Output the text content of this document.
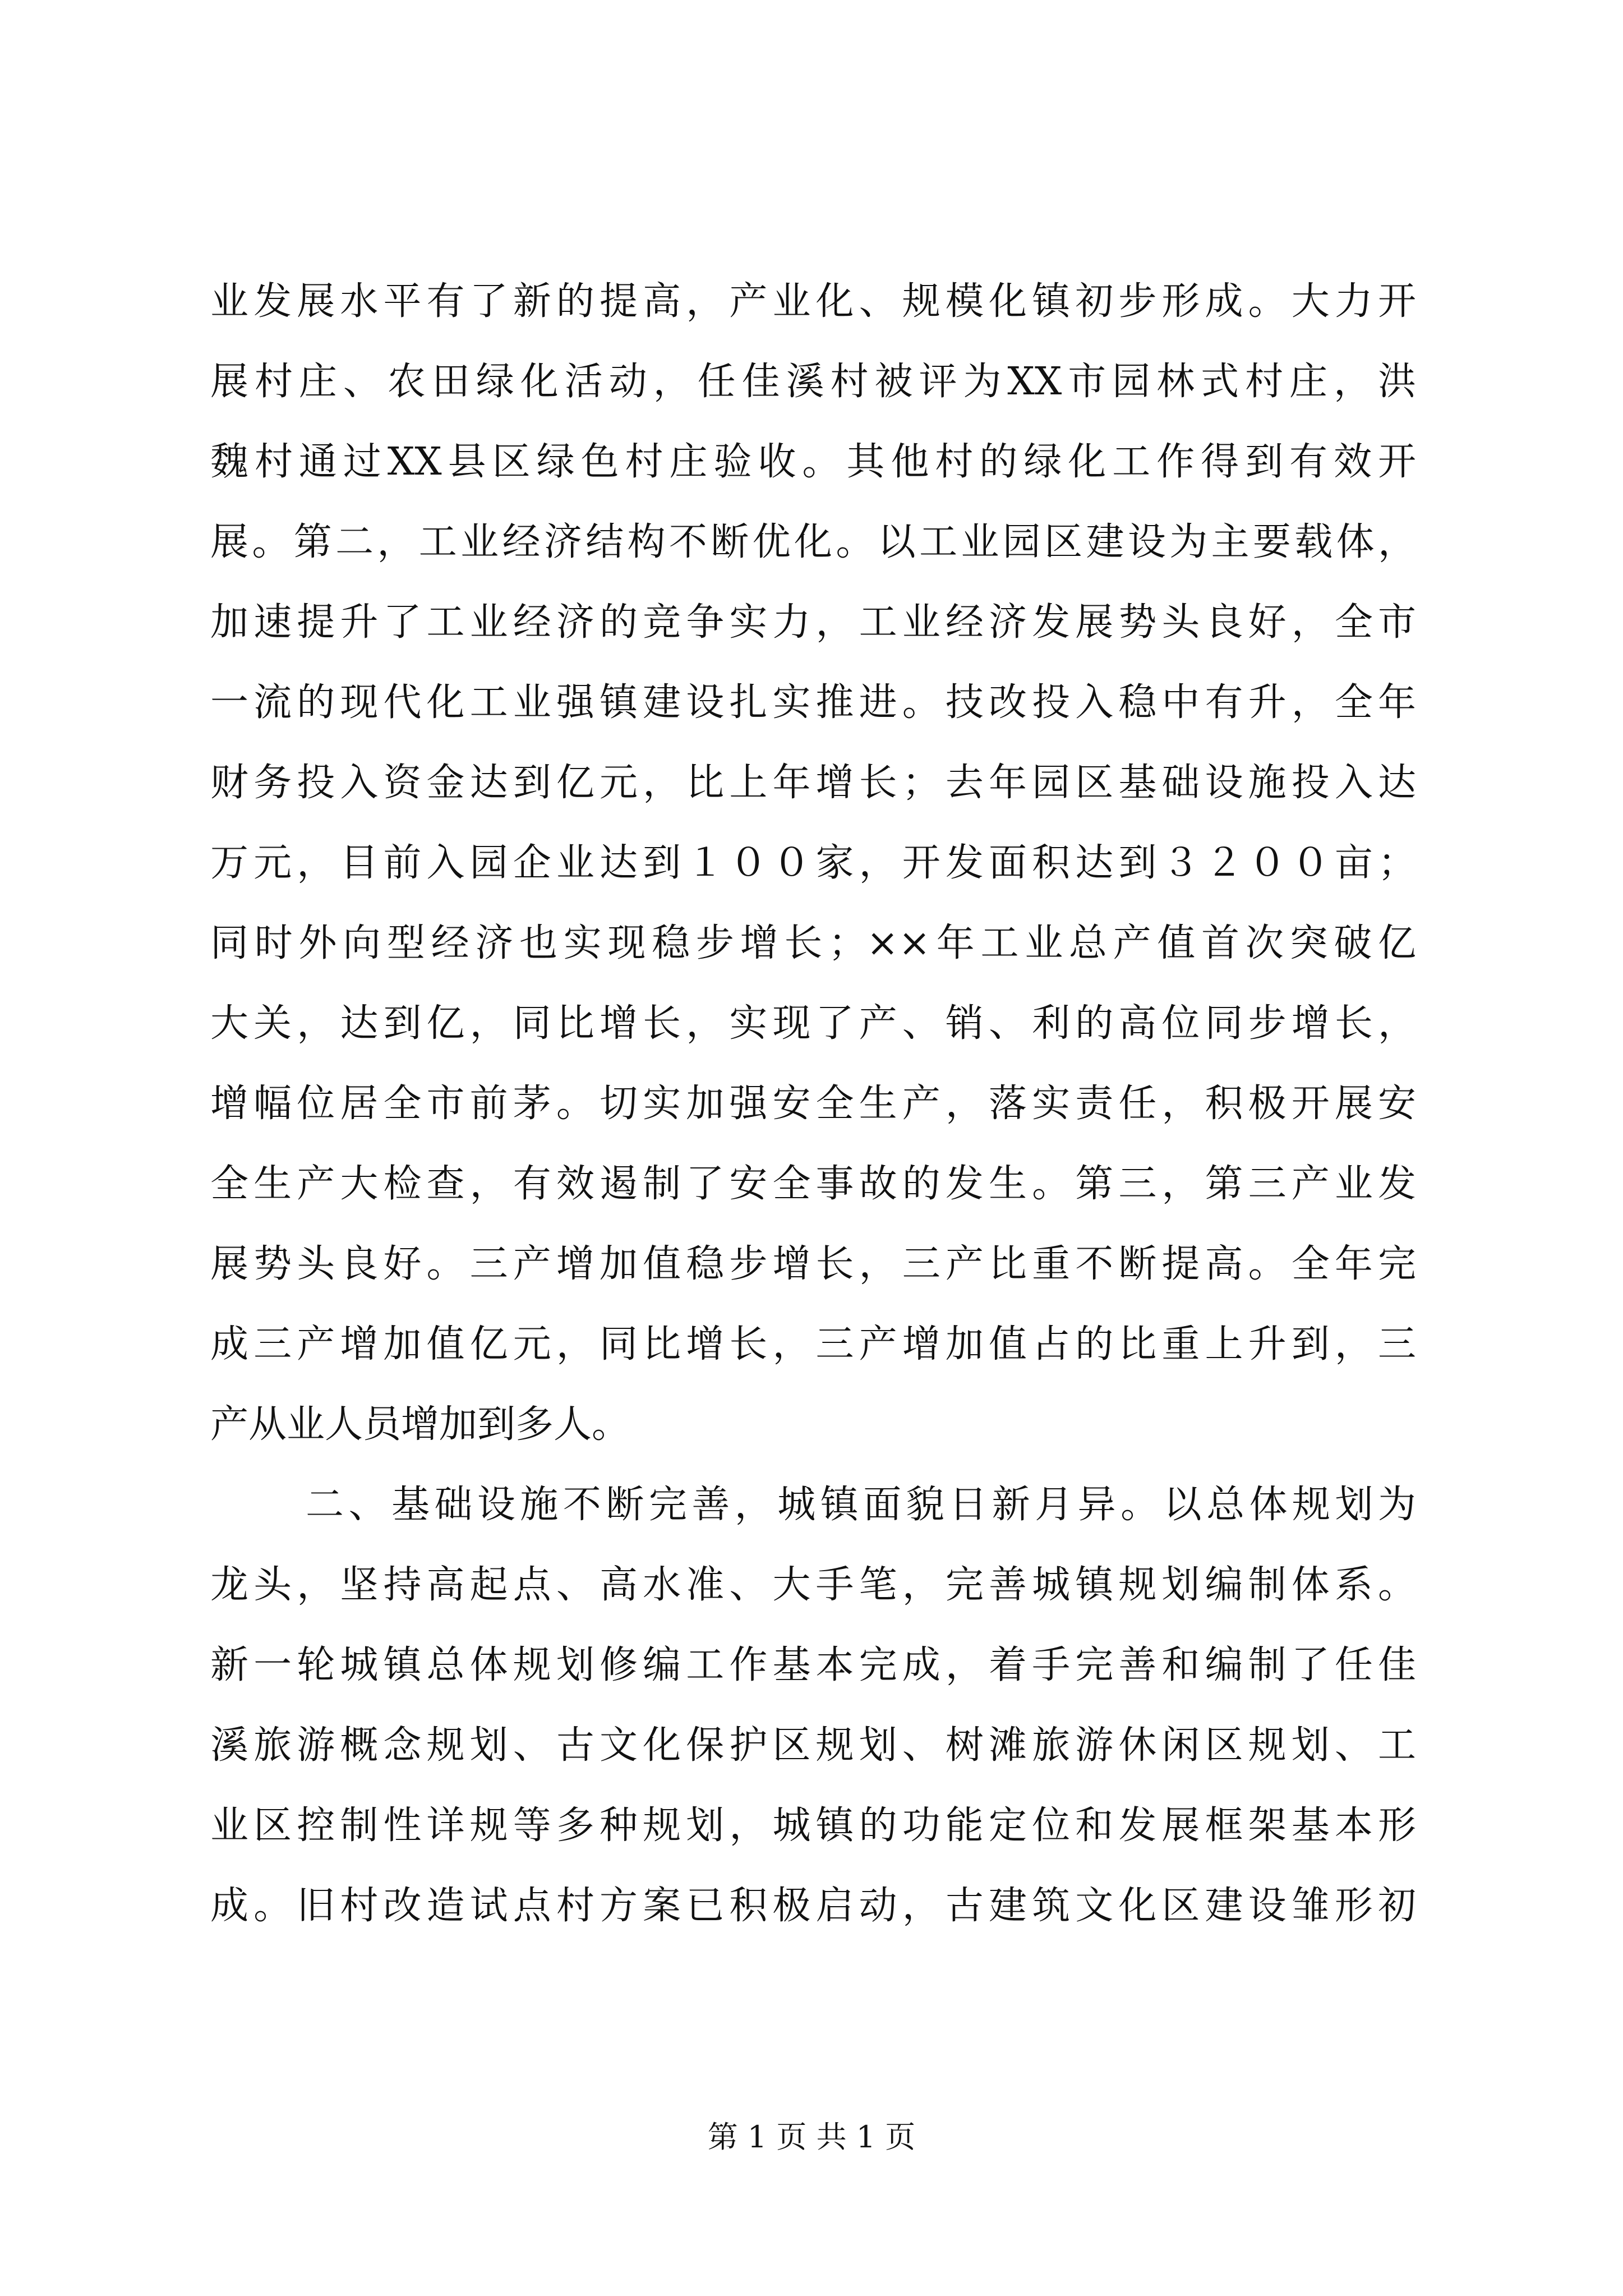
业发展水平有了新的提高，产业化、规模化镇初步形成。大力开
展村庄、农田绿化活动，任佳溪村被评为XX市园林式村庄，洪
魏村通过XX县区绿色村庄验收。其他村的绿化工作得到有效开
展。第二，工业经济结构不断优化。以工业园区建设为主要载体，
加速提升了工业经济的竞争实力，工业经济发展势头良好，全市
一流的现代化工业强镇建设扎实推进。技改投入稳中有升，全年
财务投入资金达到亿元，比上年增长；去年园区基础设施投入达
万元，目前入园企业达到１００家，开发面积达到３２００亩；
同时外向型经济也实现稳步增长；××年工业总产值首次突破亿
大关，达到亿，同比增长，实现了产、销、利的高位同步增长，
增幅位居全市前茅。切实加强安全生产，落实责任，积极开展安
全生产大检查，有效遏制了安全事故的发生。第三，第三产业发
展势头良好。三产增加值稳步增长，三产比重不断提高。全年完
成三产增加值亿元，同比增长，三产增加值占的比重上升到，三
产从业人员增加到多人。
二、基础设施不断完善，城镇面貌日新月异。以总体规划为
龙头，坚持高起点、高水准、大手笔，完善城镇规划编制体系。
新一轮城镇总体规划修编工作基本完成，着手完善和编制了任佳
溪旅游概念规划、古文化保护区规划、树滩旅游休闲区规划、工
业区控制性详规等多种规划，城镇的功能定位和发展框架基本形
成。旧村改造试点村方案已积极启动，古建筑文化区建设雏形初
第 1 页 共 1 页
